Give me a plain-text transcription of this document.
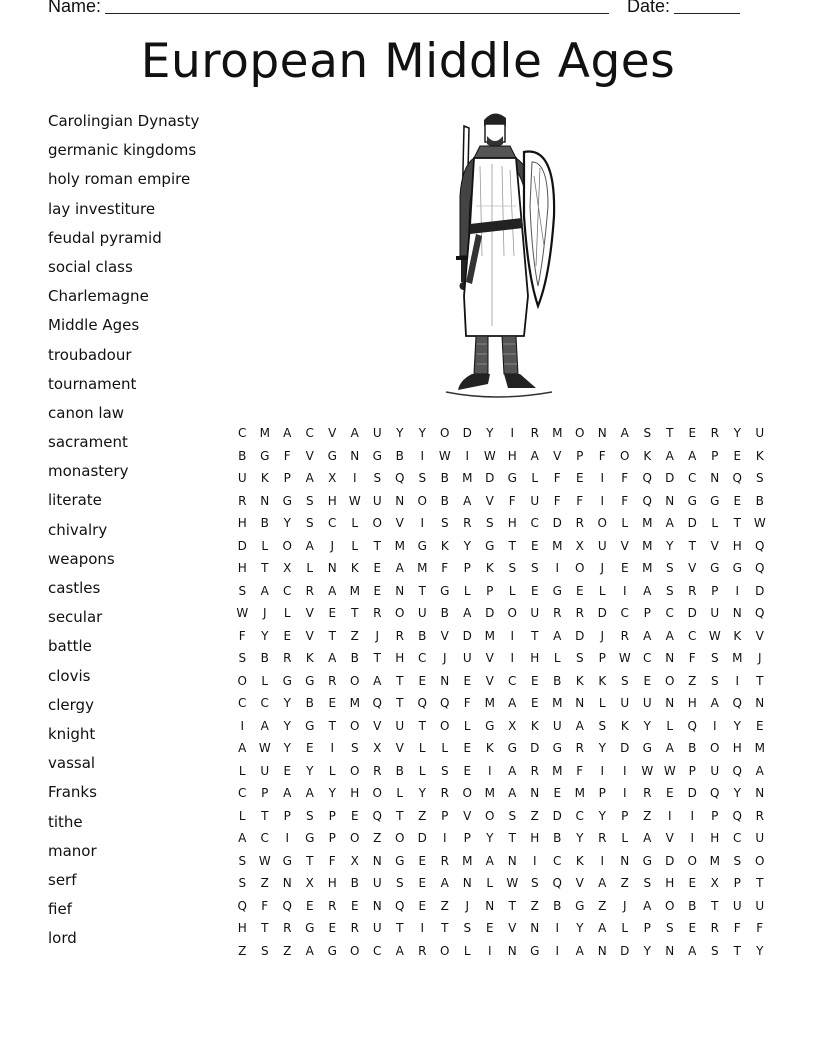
Name:	Date:
European Middle Ages
Carolingian Dynasty
germanic kingdoms
holy roman empire
lay investiture
feudal pyramid
social class
Charlemagne
Middle Ages
troubadour
tournament
canon law
sacrament
monastery
literate
chivalry
weapons
castles
secular
battle
clovis
clergy
knight
vassal
Franks
tithe
manor
serf
fief
lord
C	M	A	C	V	A	U	Y	Y	O	D	Y	I	R	M	O	N	A	S	T	E	R	Y	U
B	G	F	V	G	N	G	B	I	W	I	W	H	A	V	P	F	O	K	A	A	P	E	K
U	K	P	A	X	I	S	Q	S	B	M	D	G	L	F	E	I	F	Q	D	C	N	Q	S
R	N	G	S	H	W	U	N	O	B	A	V	F	U	F	F	I	F	Q	N	G	G	E	B
H	B	Y	S	C	L	O	V	I	S	R	S	H	C	D	R	O	L	M	A	D	L	T	W
D	L	O	A	J	L	T	M	G	K	Y	G	T	E	M	X	U	V	M	Y	T	V	H	Q
H	T	X	L	N	K	E	A	M	F	P	K	S	S	I	O	J	E	M	S	V	G	G	Q
S	A	C	R	A	M	E	N	T	G	L	P	L	E	G	E	L	I	A	S	R	P	I	D
W	J	L	V	E	T	R	O	U	B	A	D	O	U	R	R	D	C	P	C	D	U	N	Q
F	Y	E	V	T	Z	J	R	B	V	D	M	I	T	A	D	J	R	A	A	C	W	K	V
S	B	R	K	A	B	T	H	C	J	U	V	I	H	L	S	P	W	C	N	F	S	M	J
O	L	G	G	R	O	A	T	E	N	E	V	C	E	B	K	K	S	E	O	Z	S	I	T
C	C	Y	B	E	M	Q	T	Q	Q	F	M	A	E	M	N	L	U	U	N	H	A	Q	N
I	A	Y	G	T	O	V	U	T	O	L	G	X	K	U	A	S	K	Y	L	Q	I	Y	E
A	W	Y	E	I	S	X	V	L	L	E	K	G	D	G	R	Y	D	G	A	B	O	H	M
L	U	E	Y	L	O	R	B	L	S	E	I	A	R	M	F	I	I	W	W	P	U	Q	A
C	P	A	A	Y	H	O	L	Y	R	O	M	A	N	E	M	P	I	R	E	D	Q	Y	N
L	T	P	S	P	E	Q	T	Z	P	V	O	S	Z	D	C	Y	P	Z	I	I	P	Q	R
A	C	I	G	P	O	Z	O	D	I	P	Y	T	H	B	Y	R	L	A	V	I	H	C	U
S	W	G	T	F	X	N	G	E	R	M	A	N	I	C	K	I	N	G	D	O	M	S	O
S	Z	N	X	H	B	U	S	E	A	N	L	W	S	Q	V	A	Z	S	H	E	X	P	T
Q	F	Q	E	R	E	N	Q	E	Z	J	N	T	Z	B	G	Z	J	A	O	B	T	U	U
H	T	R	G	E	R	U	T	I	T	S	E	V	N	I	Y	A	L	P	S	E	R	F	F
Z	S	Z	A	G	O	C	A	R	O	L	I	N	G	I	A	N	D	Y	N	A	S	T	Y
